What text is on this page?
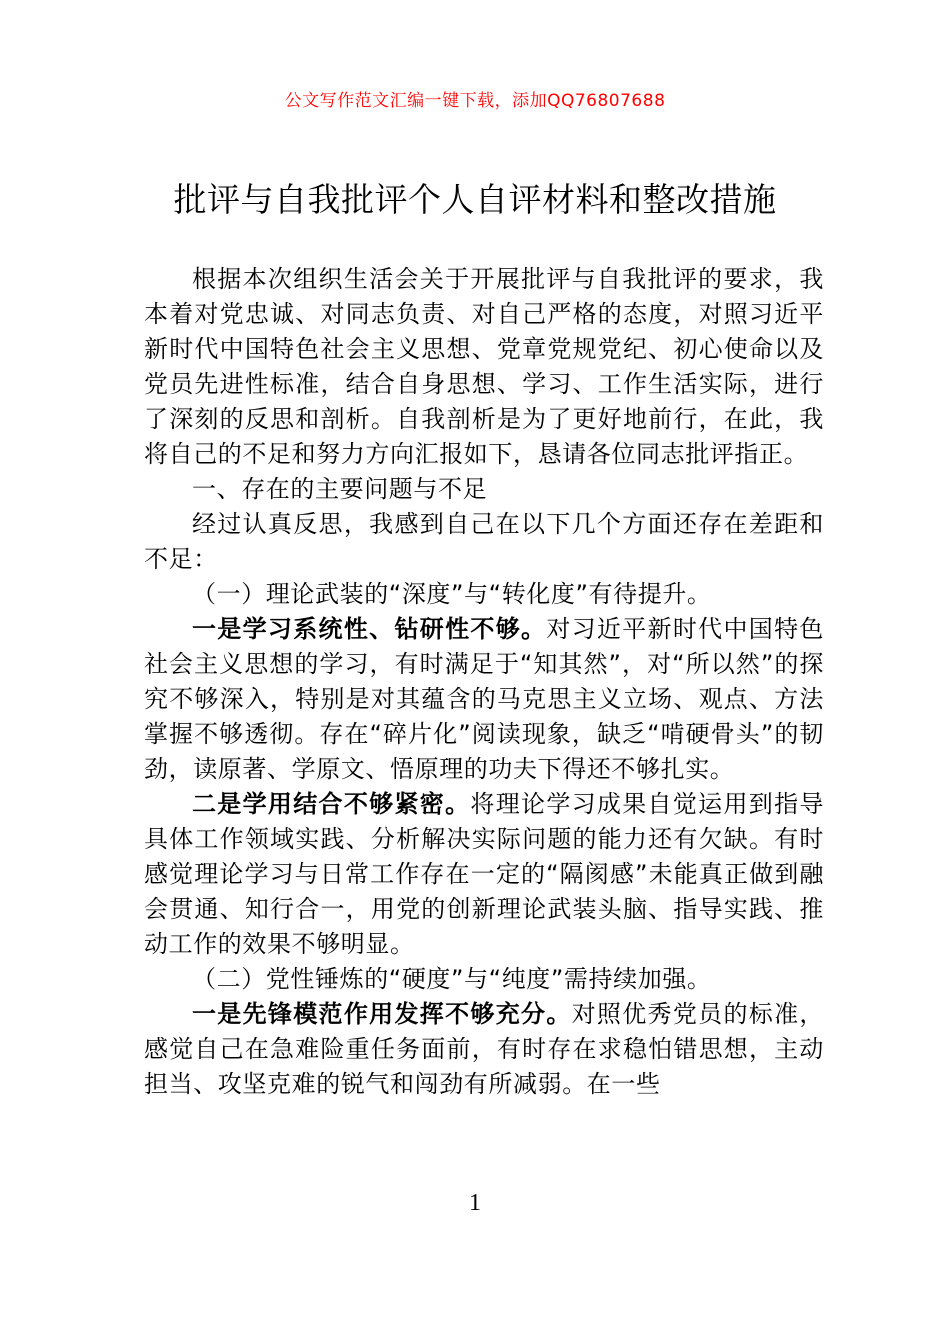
公文写作范文汇编一键下载，添加QQ76807688
批评与自我批评个人自评材料和整改措施

根据本次组织生活会关于开展批评与自我批评的要求，我本着对党忠诚、对同志负责、对自己严格的态度，对照习近平新时代中国特色社会主义思想、党章党规党纪、初心使命以及党员先进性标准，结合自身思想、学习、工作生活实际，进行了深刻的反思和剖析。自我剖析是为了更好地前行，在此，我将自己的不足和努力方向汇报如下，恳请各位同志批评指正。

一、存在的主要问题与不足

经过认真反思，我感到自己在以下几个方面还存在差距和不足：

（一）理论武装的“深度”与“转化度”有待提升。

一是学习系统性、钻研性不够。对习近平新时代中国特色社会主义思想的学习，有时满足于“知其然”，对“所以然”的探究不够深入，特别是对其蕴含的马克思主义立场、观点、方法掌握不够透彻。存在“碎片化”阅读现象，缺乏“啃硬骨头”的韧劲，读原著、学原文、悟原理的功夫下得还不够扎实。

二是学用结合不够紧密。将理论学习成果自觉运用到指导具体工作领域实践、分析解决实际问题的能力还有欠缺。有时感觉理论学习与日常工作存在一定的“隔阂感”未能真正做到融会贯通、知行合一，用党的创新理论武装头脑、指导实践、推动工作的效果不够明显。

（二）党性锤炼的“硬度”与“纯度”需持续加强。

一是先锋模范作用发挥不够充分。对照优秀党员的标准，感觉自己在急难险重任务面前，有时存在求稳怕错思想，主动担当、攻坚克难的锐气和闯劲有所减弱。在一些

1
